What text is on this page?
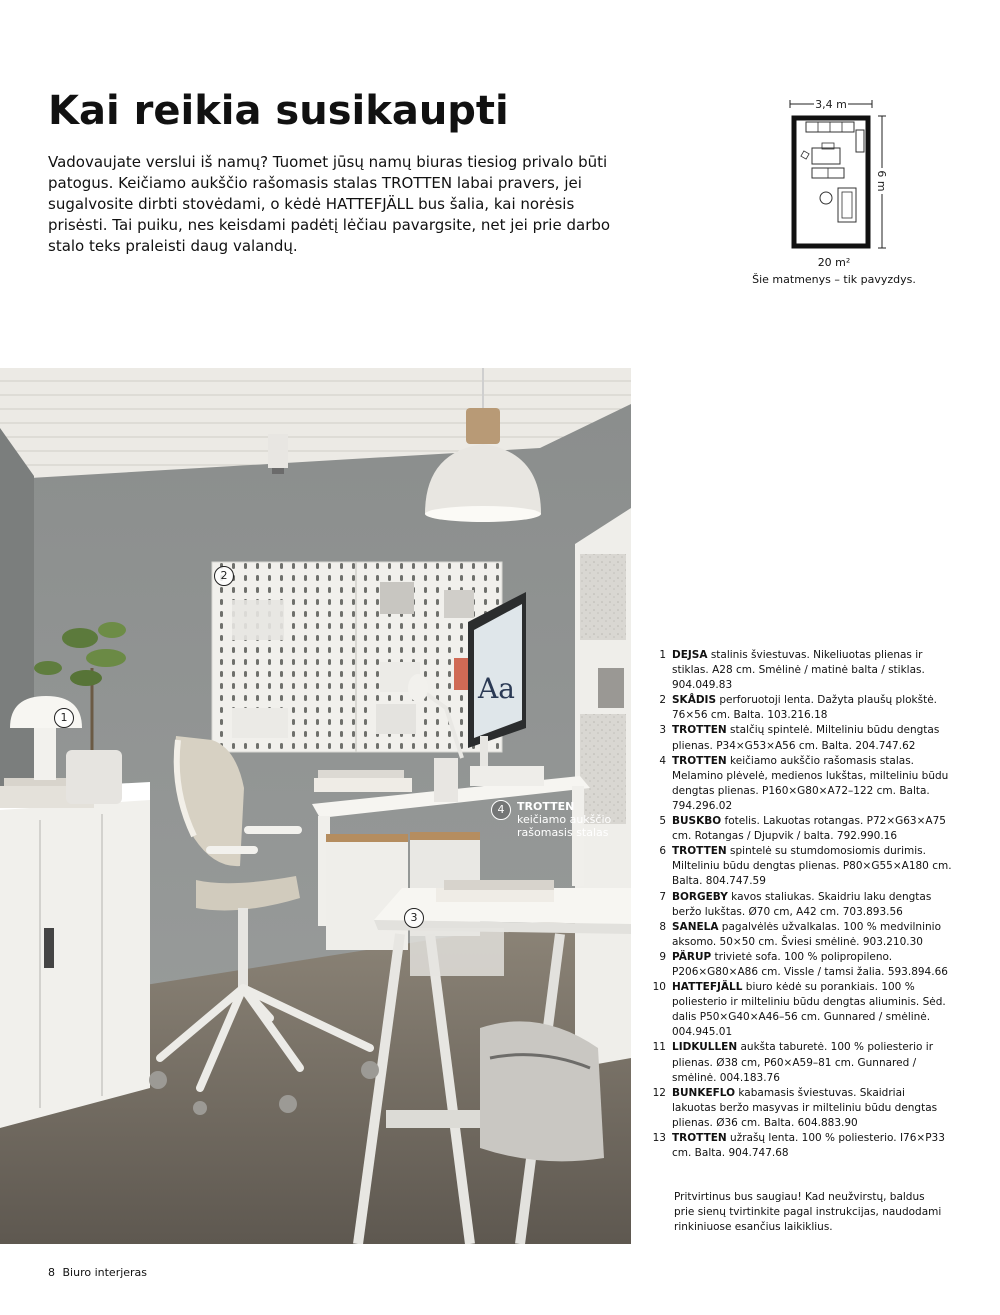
Kai reikia susikaupti

Vadovaujate verslui iš namų? Tuomet jūsų namų biuras tiesiog privalo būti patogus. Keičiamo aukščio rašomasis stalas TROTTEN labai pravers, jei sugalvosite dirbti stovėdami, o kėdė HATTEFJÄLL bus šalia, kai norėsis prisėsti. Tai puiku, nes keisdami padėtį lėčiau pavargsite, net jei prie darbo stalo teks praleisti daug valandų.

3,4 m
6 m
20 m²
Šie matmenys – tik pavyzdys.
Aa
1
2
3
4	TROTTEN
keičiamo aukščio rašomasis stalas
1 DEJSA stalinis šviestuvas. Nikeliuotas plienas ir stiklas. A28 cm. Smėlinė / matinė balta / stiklas. 904.049.83
2 SKÅDIS perforuotoji lenta. Dažyta plaušų plokštė. 76×56 cm. Balta. 103.216.18
3 TROTTEN stalčių spintelė. Milteliniu būdu dengtas plienas. P34×G53×A56 cm. Balta. 204.747.62
4 TROTTEN keičiamo aukščio rašomasis stalas. Melamino plėvelė, medienos lukštas, milteliniu būdu dengtas plienas. P160×G80×A72–122 cm. Balta. 794.296.02
5 BUSKBO fotelis. Lakuotas rotangas. P72×G63×A75 cm. Rotangas / Djupvik / balta. 792.990.16
6 TROTTEN spintelė su stumdomosiomis durimis. Milteliniu būdu dengtas plienas. P80×G55×A180 cm. Balta. 804.747.59
7 BORGEBY kavos staliukas. Skaidriu laku dengtas beržo lukštas. Ø70 cm, A42 cm. 703.893.56
8 SANELA pagalvėlės užvalkalas. 100 % medvilninio aksomo. 50×50 cm. Šviesi smėlinė. 903.210.30
9 PÄRUP trivietė sofa. 100 % polipropileno. P206×G80×A86 cm. Vissle / tamsi žalia. 593.894.66
10 HATTEFJÄLL biuro kėdė su porankiais. 100 % poliesterio ir milteliniu būdu dengtas aliuminis. Sėd. dalis P50×G40×A46–56 cm. Gunnared / smėlinė. 004.945.01
11 LIDKULLEN aukšta taburetė. 100 % poliesterio ir plienas. Ø38 cm, P60×A59–81 cm. Gunnared / smėlinė. 004.183.76
12 BUNKEFLO kabamasis šviestuvas. Skaidriai lakuotas beržo masyvas ir milteliniu būdu dengtas plienas. Ø36 cm. Balta. 604.883.90
13 TROTTEN užrašų lenta. 100 % poliesterio. I76×P33 cm. Balta. 904.747.68

Pritvirtinus bus saugiau! Kad neužvirstų, baldus prie sienų tvirtinkite pagal instrukcijas, naudodami rinkiniuose esančius laikiklius.

8 Biuro interjeras
